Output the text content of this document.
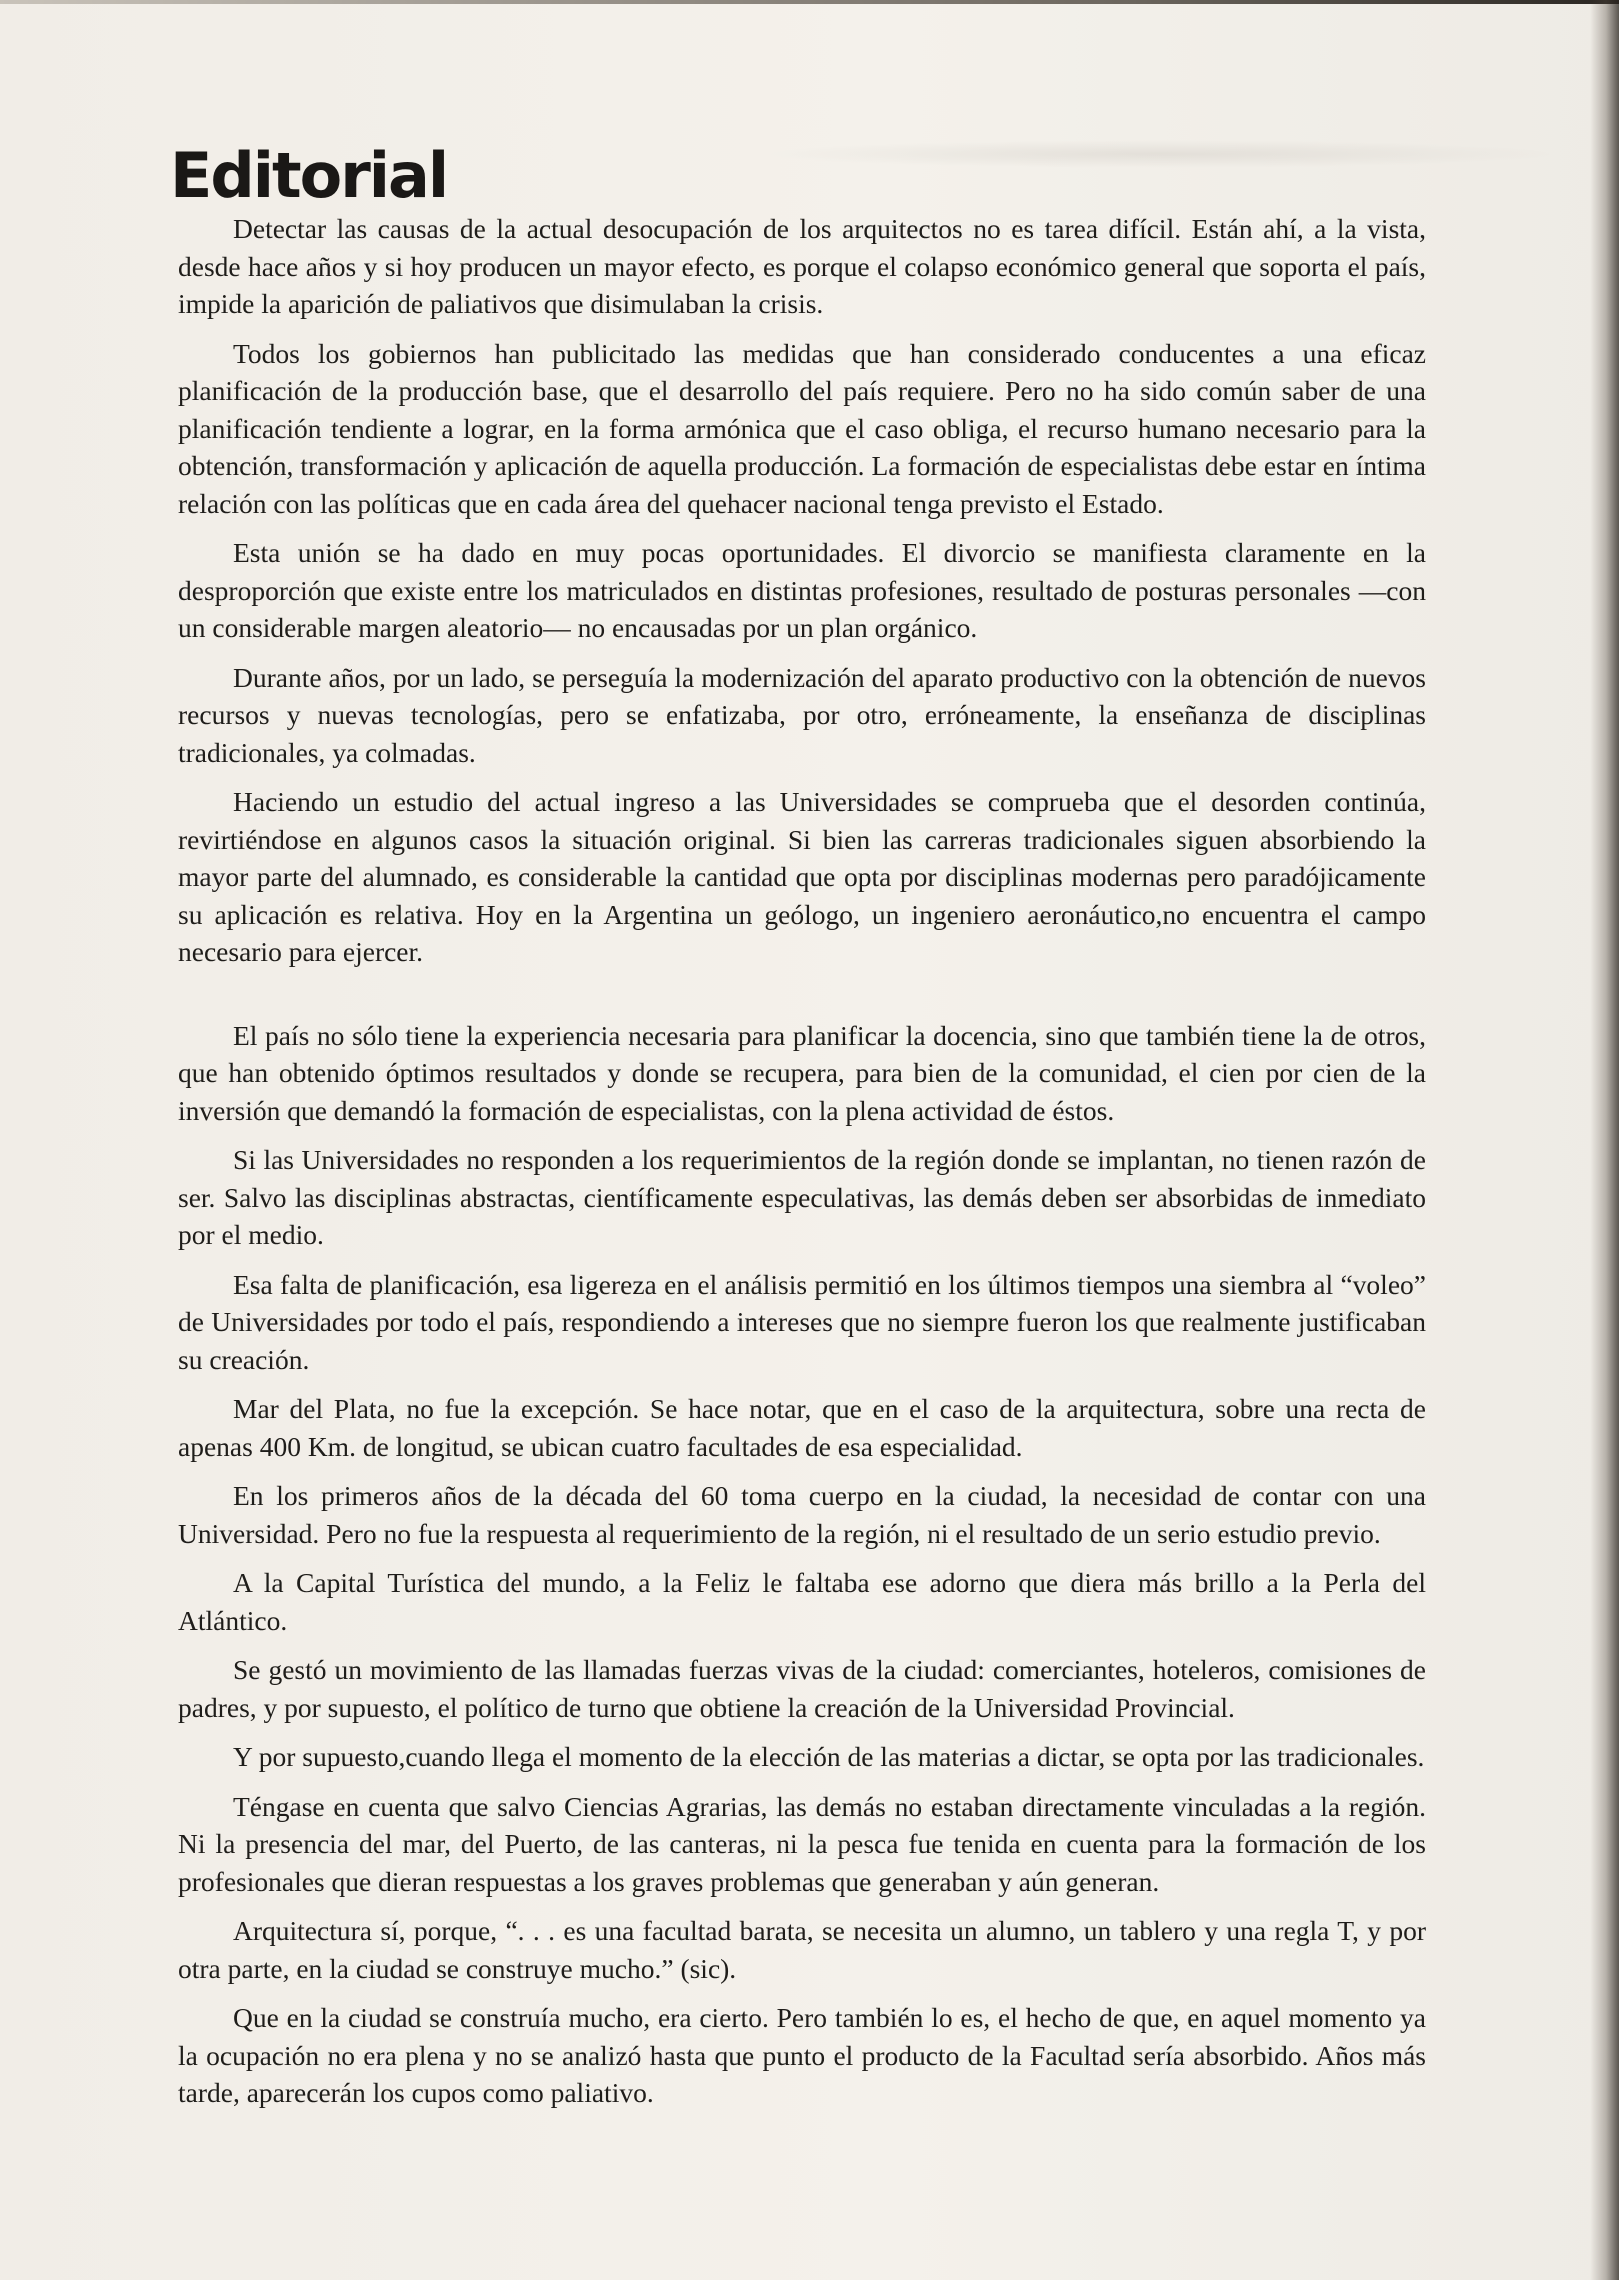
Editorial

Detectar las causas de la actual desocupación de los arquitectos no es tarea difícil. Están ahí, a la vista, desde hace años y si hoy producen un mayor efecto, es porque el colapso económico general que soporta el país, impide la aparición de paliativos que disimulaban la crisis.

Todos los gobiernos han publicitado las medidas que han considerado conducentes a una eficaz planificación de la producción base, que el desarrollo del país requiere. Pero no ha sido común saber de una planificación tendiente a lograr, en la forma armónica que el caso obliga, el recurso humano necesario para la obtención, transformación y aplicación de aquella producción. La formación de especialistas debe estar en íntima relación con las políticas que en cada área del quehacer nacional tenga previsto el Estado.

Esta unión se ha dado en muy pocas oportunidades. El divorcio se manifiesta claramente en la desproporción que existe entre los matriculados en distintas profesiones, resultado de posturas personales —con un considerable margen aleatorio— no encausadas por un plan orgánico.

Durante años, por un lado, se perseguía la modernización del aparato productivo con la obtención de nuevos recursos y nuevas tecnologías, pero se enfatizaba, por otro, erróneamente, la enseñanza de disciplinas tradicionales, ya colmadas.

Haciendo un estudio del actual ingreso a las Universidades se comprueba que el desorden continúa, revirtiéndose en algunos casos la situación original. Si bien las carreras tradicionales siguen absorbiendo la mayor parte del alumnado, es considerable la cantidad que opta por disciplinas modernas pero paradójicamente su aplicación es relativa. Hoy en la Argentina un geólogo, un ingeniero aeronáutico,no encuentra el campo necesario para ejercer.

El país no sólo tiene la experiencia necesaria para planificar la docencia, sino que también tiene la de otros, que han obtenido óptimos resultados y donde se recupera, para bien de la comunidad, el cien por cien de la inversión que demandó la formación de especialistas, con la plena actividad de éstos.

Si las Universidades no responden a los requerimientos de la región donde se implantan, no tienen razón de ser. Salvo las disciplinas abstractas, científicamente especulativas, las demás deben ser absorbidas de inmediato por el medio.

Esa falta de planificación, esa ligereza en el análisis permitió en los últimos tiempos una siembra al “voleo” de Universidades por todo el país, respondiendo a intereses que no siempre fueron los que realmente justificaban su creación.

Mar del Plata, no fue la excepción. Se hace notar, que en el caso de la arquitectura, sobre una recta de apenas 400 Km. de longitud, se ubican cuatro facultades de esa especialidad.

En los primeros años de la década del 60 toma cuerpo en la ciudad, la necesidad de contar con una Universidad. Pero no fue la respuesta al requerimiento de la región, ni el resultado de un serio estudio previo.

A la Capital Turística del mundo, a la Feliz le faltaba ese adorno que diera más brillo a la Perla del Atlántico.

Se gestó un movimiento de las llamadas fuerzas vivas de la ciudad: comerciantes, hoteleros, comisiones de padres, y por supuesto, el político de turno que obtiene la creación de la Universidad Provincial.

Y por supuesto,cuando llega el momento de la elección de las materias a dictar, se opta por las tradicionales.

Téngase en cuenta que salvo Ciencias Agrarias, las demás no estaban directamente vinculadas a la región. Ni la presencia del mar, del Puerto, de las canteras, ni la pesca fue tenida en cuenta para la formación de los profesionales que dieran respuestas a los graves problemas que generaban y aún generan.

Arquitectura sí, porque, “. . . es una facultad barata, se necesita un alumno, un tablero y una regla T, y por otra parte, en la ciudad se construye mucho.” (sic).

Que en la ciudad se construía mucho, era cierto. Pero también lo es, el hecho de que, en aquel momento ya la ocupación no era plena y no se analizó hasta que punto el producto de la Facultad sería absorbido. Años más tarde, aparecerán los cupos como paliativo.
